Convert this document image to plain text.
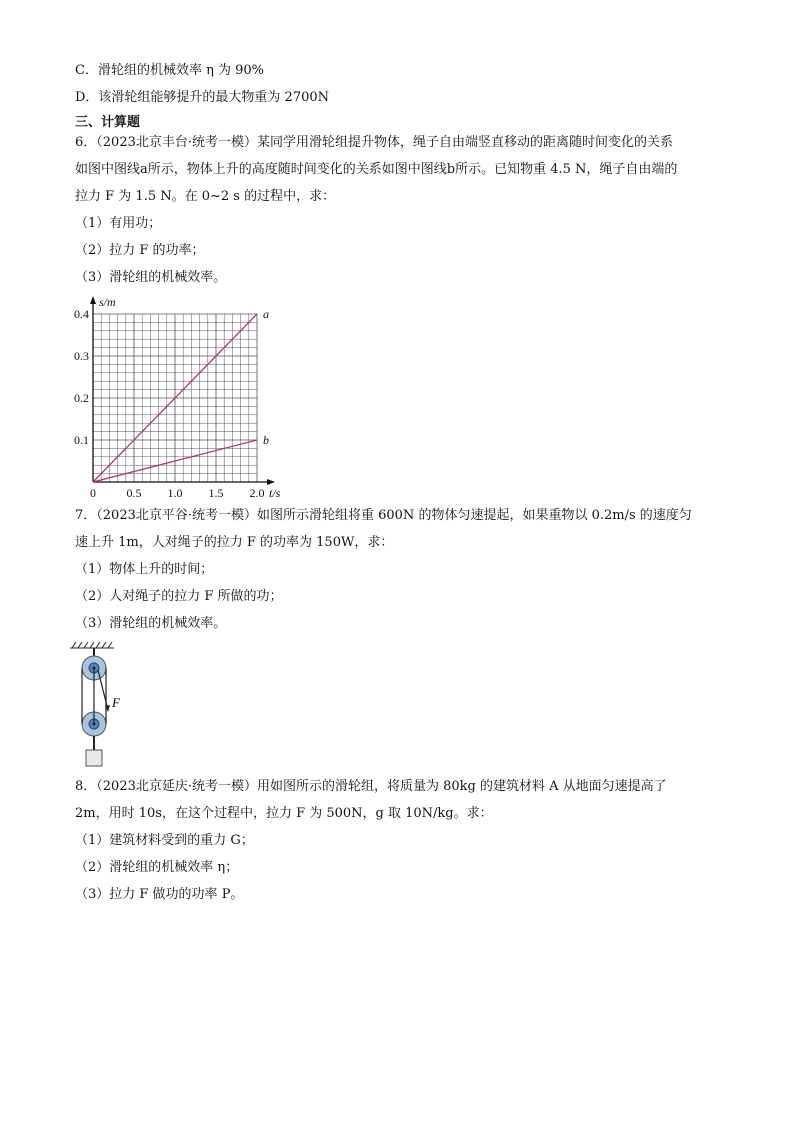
C．滑轮组的机械效率 η 为 90%
D．该滑轮组能够提升的最大物重为 2700N
三、计算题
6．（2023北京丰台·统考一模）某同学用滑轮组提升物体，绳子自由端竖直移动的距离随时间变化的关系
如图中图线a所示，物体上升的高度随时间变化的关系如图中图线b所示。已知物重 4.5 N，绳子自由端的
拉力 F 为 1.5 N。在 0~2 s 的过程中，求：
（1）有用功；
（2）拉力 F 的功率；
（3）滑轮组的机械效率。
a
b
0.5 1.0 1.5 2.0
0.1
0.2
0.3
0.4
0	t/s
s/m
7．（2023北京平谷·统考一模）如图所示滑轮组将重 600N 的物体匀速提起，如果重物以 0.2m/s 的速度匀
速上升 1m，人对绳子的拉力 F 的功率为 150W，求：
（1）物体上升的时间；
（2）人对绳子的拉力 F 所做的功；
（3）滑轮组的机械效率。
F
8．（2023北京延庆·统考一模）用如图所示的滑轮组，将质量为 80kg 的建筑材料 A 从地面匀速提高了
2m，用时 10s，在这个过程中，拉力 F 为 500N，g 取 10N/kg。求：
（1）建筑材料受到的重力 G；
（2）滑轮组的机械效率 η；
（3）拉力 F 做功的功率 P。
